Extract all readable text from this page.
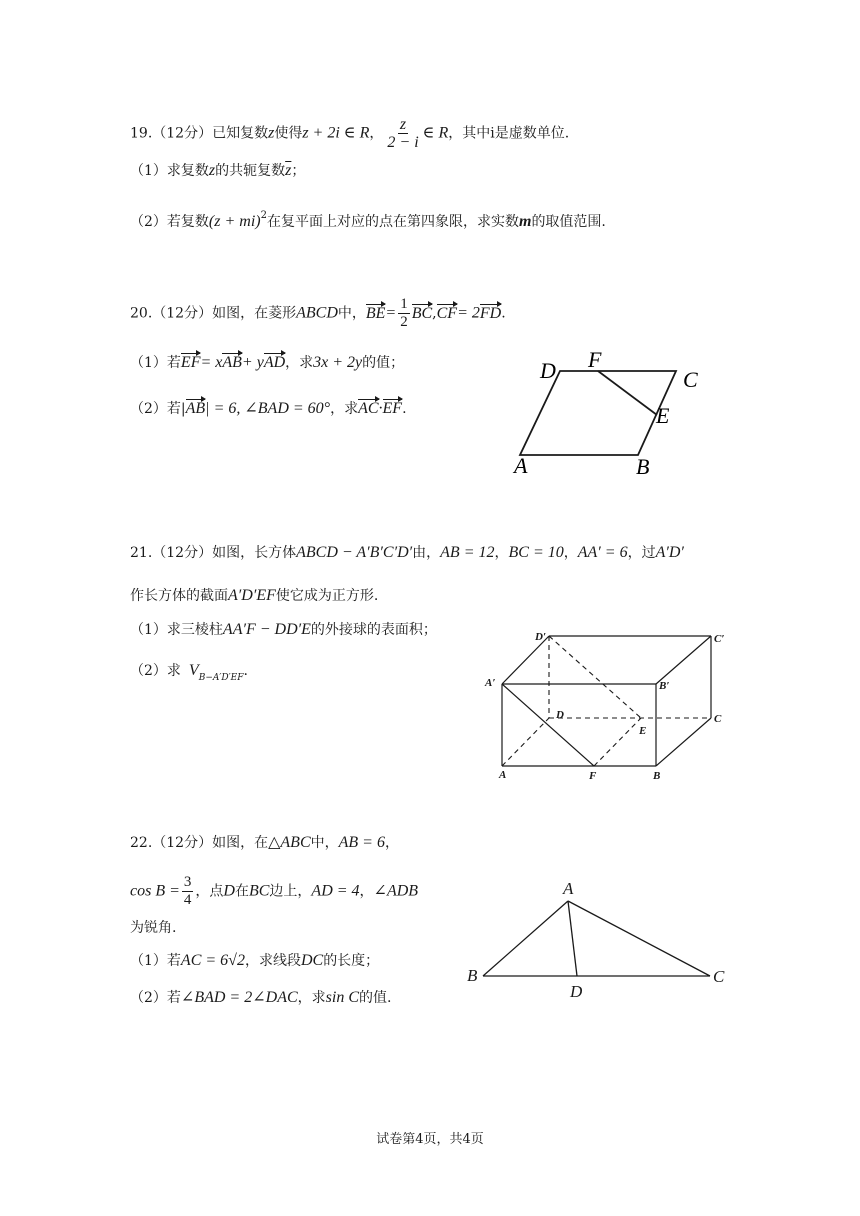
19.（12分）已知复数z使得z + 2i ∈ R， $\frac{z}{2 - i}$ ∈ R，其中i是虚数单位.
（1）求复数z的共轭复数$\overline{z}$；
（2）若复数(z + mi)$^2$在复平面上对应的点在第四象限，求实数m的取值范围.
20.（12分）如图，在菱形ABCD中，$BE= \frac{1}{2} BC,CF= 2FD$.
（1）若EF= xAB+ yAD，求3x + 2y的值；
（2）若|AB| = 6, ∠BAD = 60°，求AC·EF.
D F
C
E
A	B
21.（12分）如图，长方体ABCD − A′B′C′D′由，AB = 12，BC = 10，AA′ = 6，过A′D′
作长方体的截面A′D′EF使它成为正方形.
（1）求三棱柱AA′F − DD′E的外接球的表面积；
（2）求 $V_{B-A'D'EF}$.
D′	C′
A′	B′
D	C
E
A	F	B
22.（12分）如图，在△ABC中，AB = 6，
$\cos B = \frac{3}{4}$ ，点D在BC边上，AD = 4，∠ADB
为锐角.
（1）若AC = 6√2，求线段DC的长度；
（2）若∠BAD = 2∠DAC，求sin C的值.
A
B	C
D
试卷第4页，共4页
